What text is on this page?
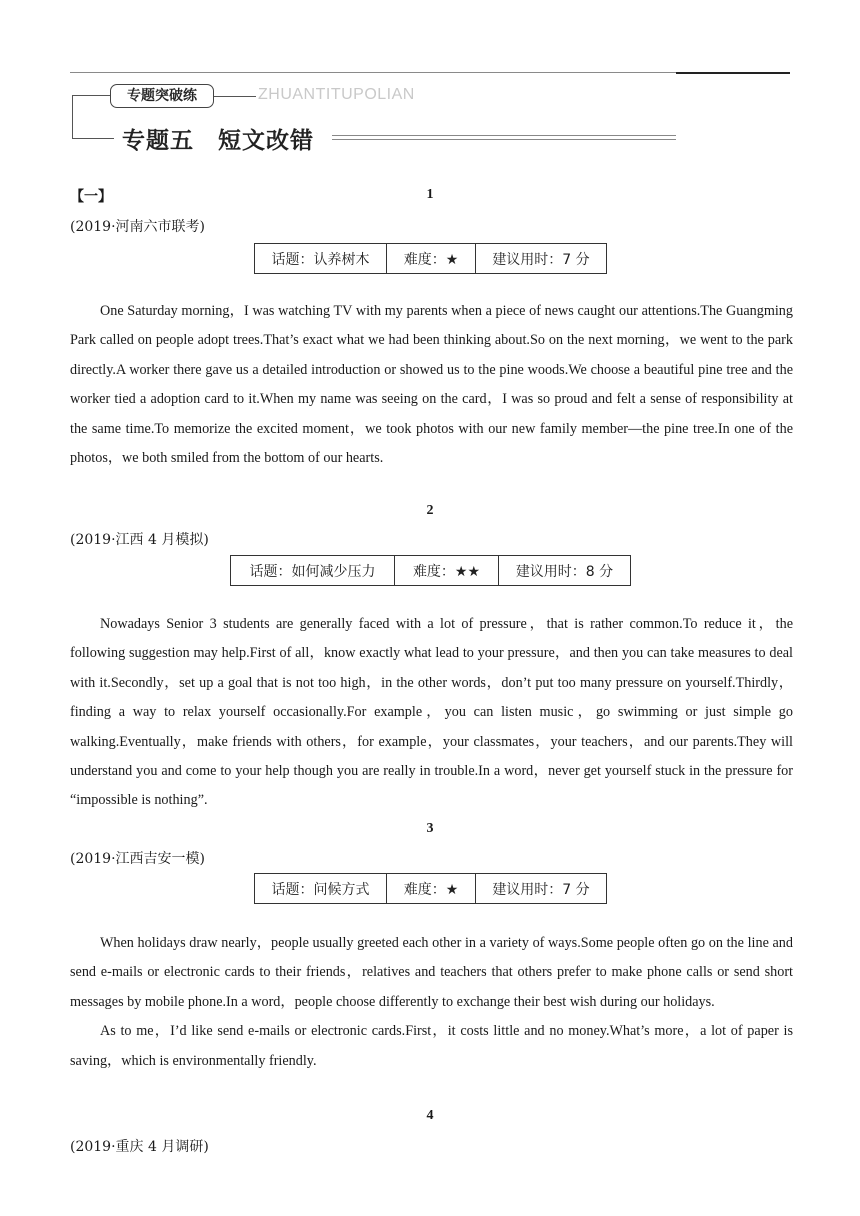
专题突破练	ZHUANTITUPOLIAN
专题五　短文改错
【一】	1
(2019·河南六市联考)
话题：认养树木	难度：★	建议用时：7 分

One Saturday morning，I was watching TV with my parents when a piece of news caught our attentions.The Guangming Park called on people adopt trees.That’s exact what we had been thinking about.So on the next morning，we went to the park directly.A worker there gave us a detailed introduction or showed us to the pine woods.We choose a beautiful pine tree and the worker tied a adoption card to it.When my name was seeing on the card，I was so proud and felt a sense of responsibility at the same time.To memorize the excited moment，we took photos with our new family member—the pine tree.In one of the photos，we both smiled from the bottom of our hearts.

2
(2019·江西 4 月模拟)
话题：如何减少压力	难度：★★	建议用时：8 分

Nowadays Senior 3 students are generally faced with a lot of pressure，that is rather common.To reduce it，the following suggestion may help.First of all，know exactly what lead to your pressure，and then you can take measures to deal with it.Secondly，set up a goal that is not too high，in the other words，don’t put too many pressure on yourself.Thirdly，finding a way to relax yourself occasionally.For example，you can listen music，go swimming or just simple go walking.Eventually，make friends with others，for example，your classmates，your teachers，and our parents.They will understand you and come to your help though you are really in trouble.In a word，never get yourself stuck in the pressure for “impossible is nothing”.

3
(2019·江西吉安一模)
话题：问候方式	难度：★	建议用时：7 分

When holidays draw nearly，people usually greeted each other in a variety of ways.Some people often go on the line and send e-mails or electronic cards to their friends，relatives and teachers that others prefer to make phone calls or send short messages by mobile phone.In a word，people choose differently to exchange their best wish during our holidays.

As to me，I’d like send e-mails or electronic cards.First，it costs little and no money.What’s more，a lot of paper is saving，which is environmentally friendly.

4
(2019·重庆 4 月调研)
